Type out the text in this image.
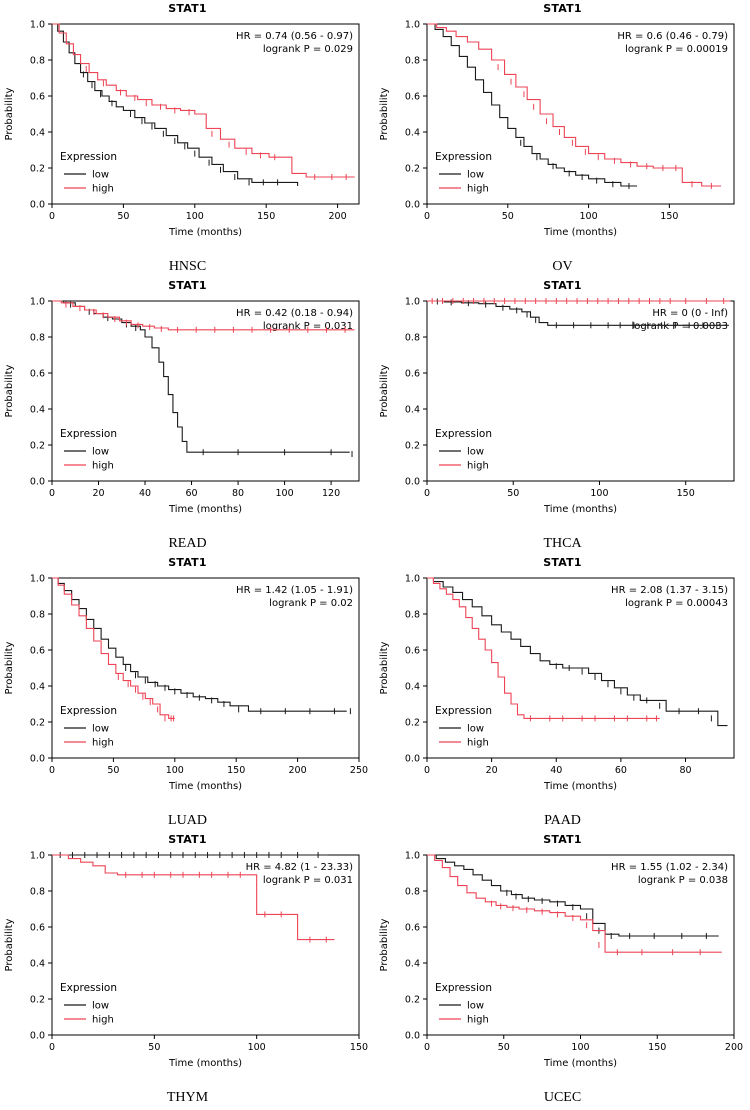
STAT1
0	50	100	150	200
0.0
0.2
0.4
0.6
0.8
1.0
Time (months)
Probability
HR = 0.74 (0.56 - 0.97)
logrank P = 0.029
Expression
low
high
HNSC
STAT1
0	50	100	150
0.0
0.2
0.4
0.6
0.8
1.0
Time (months)
Probability
HR = 0.6 (0.46 - 0.79)
logrank P = 0.00019
Expression
low
high
OV
STAT1
0	20	40	60	80	100	120
0.0
0.2
0.4
0.6
0.8
1.0
Time (months)
Probability
HR = 0.42 (0.18 - 0.94)
logrank P = 0.031
Expression
low
high
READ
STAT1
0	50	100	150
0.0
0.2
0.4
0.6
0.8
1.0
Time (months)
Probability
HR = 0 (0 - Inf)
logrank P = 0.0033
Expression
low
high
THCA
STAT1
0	50	100	150	200	250
0.0
0.2
0.4
0.6
0.8
1.0
Time (months)
Probability
HR = 1.42 (1.05 - 1.91)
logrank P = 0.02
Expression
low
high
LUAD
STAT1
0	20	40	60	80
0.0
0.2
0.4
0.6
0.8
1.0
Time (months)
Probability
HR = 2.08 (1.37 - 3.15)
logrank P = 0.00043
Expression
low
high
PAAD
STAT1
0	50	100	150
0.0
0.2
0.4
0.6
0.8
1.0
Time (months)
Probability
HR = 4.82 (1 - 23.33)
logrank P = 0.031
Expression
low
high
THYM
STAT1
0	50	100	150	200
0.0
0.2
0.4
0.6
0.8
1.0
Time (months)
Probability
HR = 1.55 (1.02 - 2.34)
logrank P = 0.038
Expression
low
high
UCEC
